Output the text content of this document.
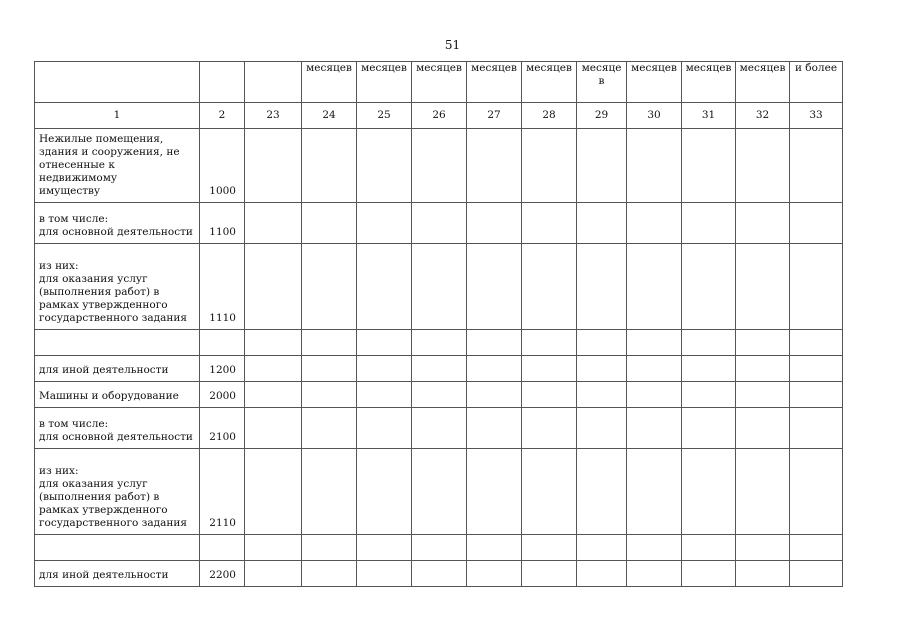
51
			месяцев	месяцев	месяцев	месяцев	месяцев	месяцев	месяцев	месяцев	месяцев	и более
1	2	23	24	25	26	27	28	29	30	31	32	33
Нежилые помещения,
здания и сооружения, не
отнесенные к недвижимому
имуществу	1000											
в том числе:
для основной деятельности	1100											
из них:
для оказания услуг
(выполнения работ) в
рамках утвержденного
государственного задания	1110											

для иной деятельности	1200											
Машины и оборудование	2000											
в том числе:
для основной деятельности	2100											
из них:
для оказания услуг
(выполнения работ) в
рамках утвержденного
государственного задания	2110											

для иной деятельности	2200											
